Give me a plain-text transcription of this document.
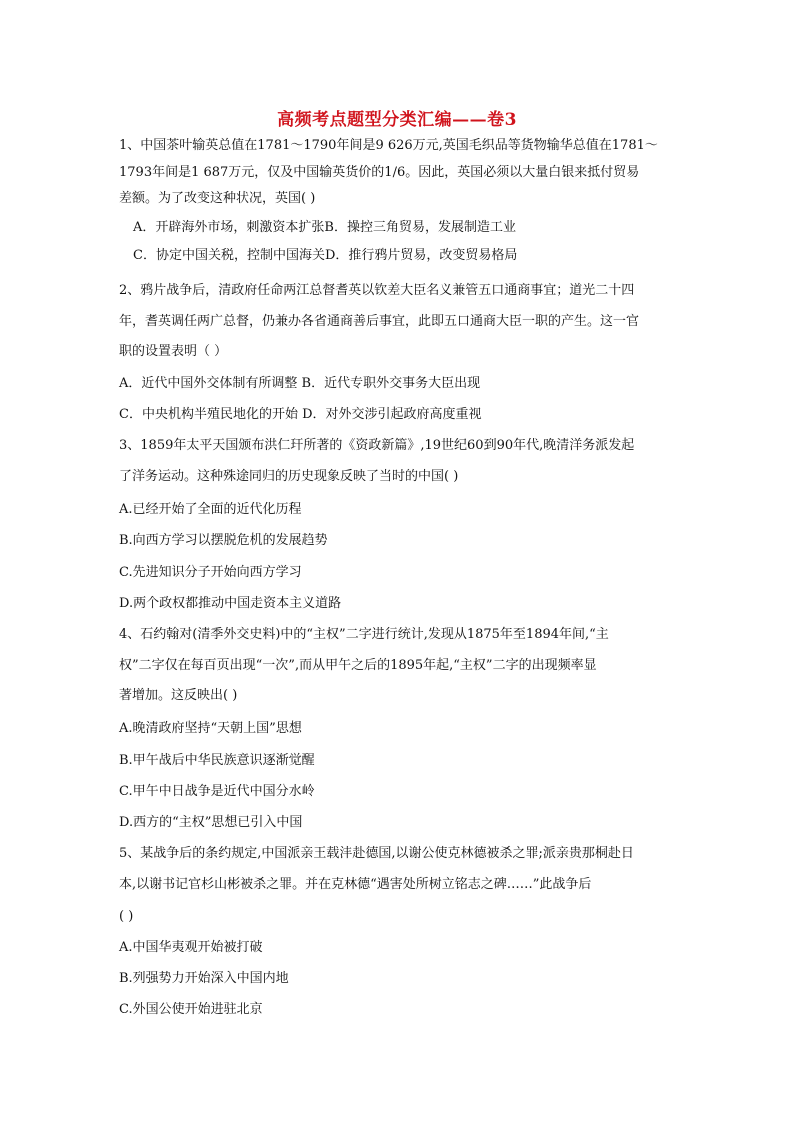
高频考点题型分类汇编——卷3
1、中国茶叶输英总值在1781～1790年间是9 626万元,英国毛织品等货物输华总值在1781～
1793年间是1 687万元，仅及中国输英货价的1/6。因此，英国必须以大量白银来抵付贸易
差额。为了改变这种状况，英国( )
A．开辟海外市场，刺激资本扩张B．操控三角贸易，发展制造工业
C．协定中国关税，控制中国海关D．推行鸦片贸易，改变贸易格局
2、鸦片战争后，清政府任命两江总督耆英以钦差大臣名义兼管五口通商事宜；道光二十四
年，耆英调任两广总督，仍兼办各省通商善后事宜，此即五口通商大臣一职的产生。这一官
职的设置表明（ ）
A．近代中国外交体制有所调整 B．近代专职外交事务大臣出现
C．中央机构半殖民地化的开始 D．对外交涉引起政府高度重视
3、1859年太平天国颁布洪仁玕所著的《资政新篇》,19世纪60到90年代,晚清洋务派发起
了洋务运动。这种殊途同归的历史现象反映了当时的中国( )
A.已经开始了全面的近代化历程
B.向西方学习以摆脱危机的发展趋势
C.先进知识分子开始向西方学习
D.两个政权都推动中国走资本主义道路
4、石约翰对(清季外交史料)中的“主权”二字进行统计,发现从1875年至1894年间,“主
权”二字仅在每百页出现“一次”,而从甲午之后的1895年起,“主权”二字的出现频率显
著增加。这反映出( )
A.晚清政府坚持“天朝上国”思想
B.甲午战后中华民族意识逐渐觉醒
C.甲午中日战争是近代中国分水岭
D.西方的“主权”思想已引入中国
5、某战争后的条约规定,中国派亲王载沣赴德国,以谢公使克林德被杀之罪;派亲贵那桐赴日
本,以谢书记官杉山彬被杀之罪。并在克林德“遇害处所树立铭志之碑……”此战争后
( )
A.中国华夷观开始被打破
B.列强势力开始深入中国内地
C.外国公使开始进驻北京
